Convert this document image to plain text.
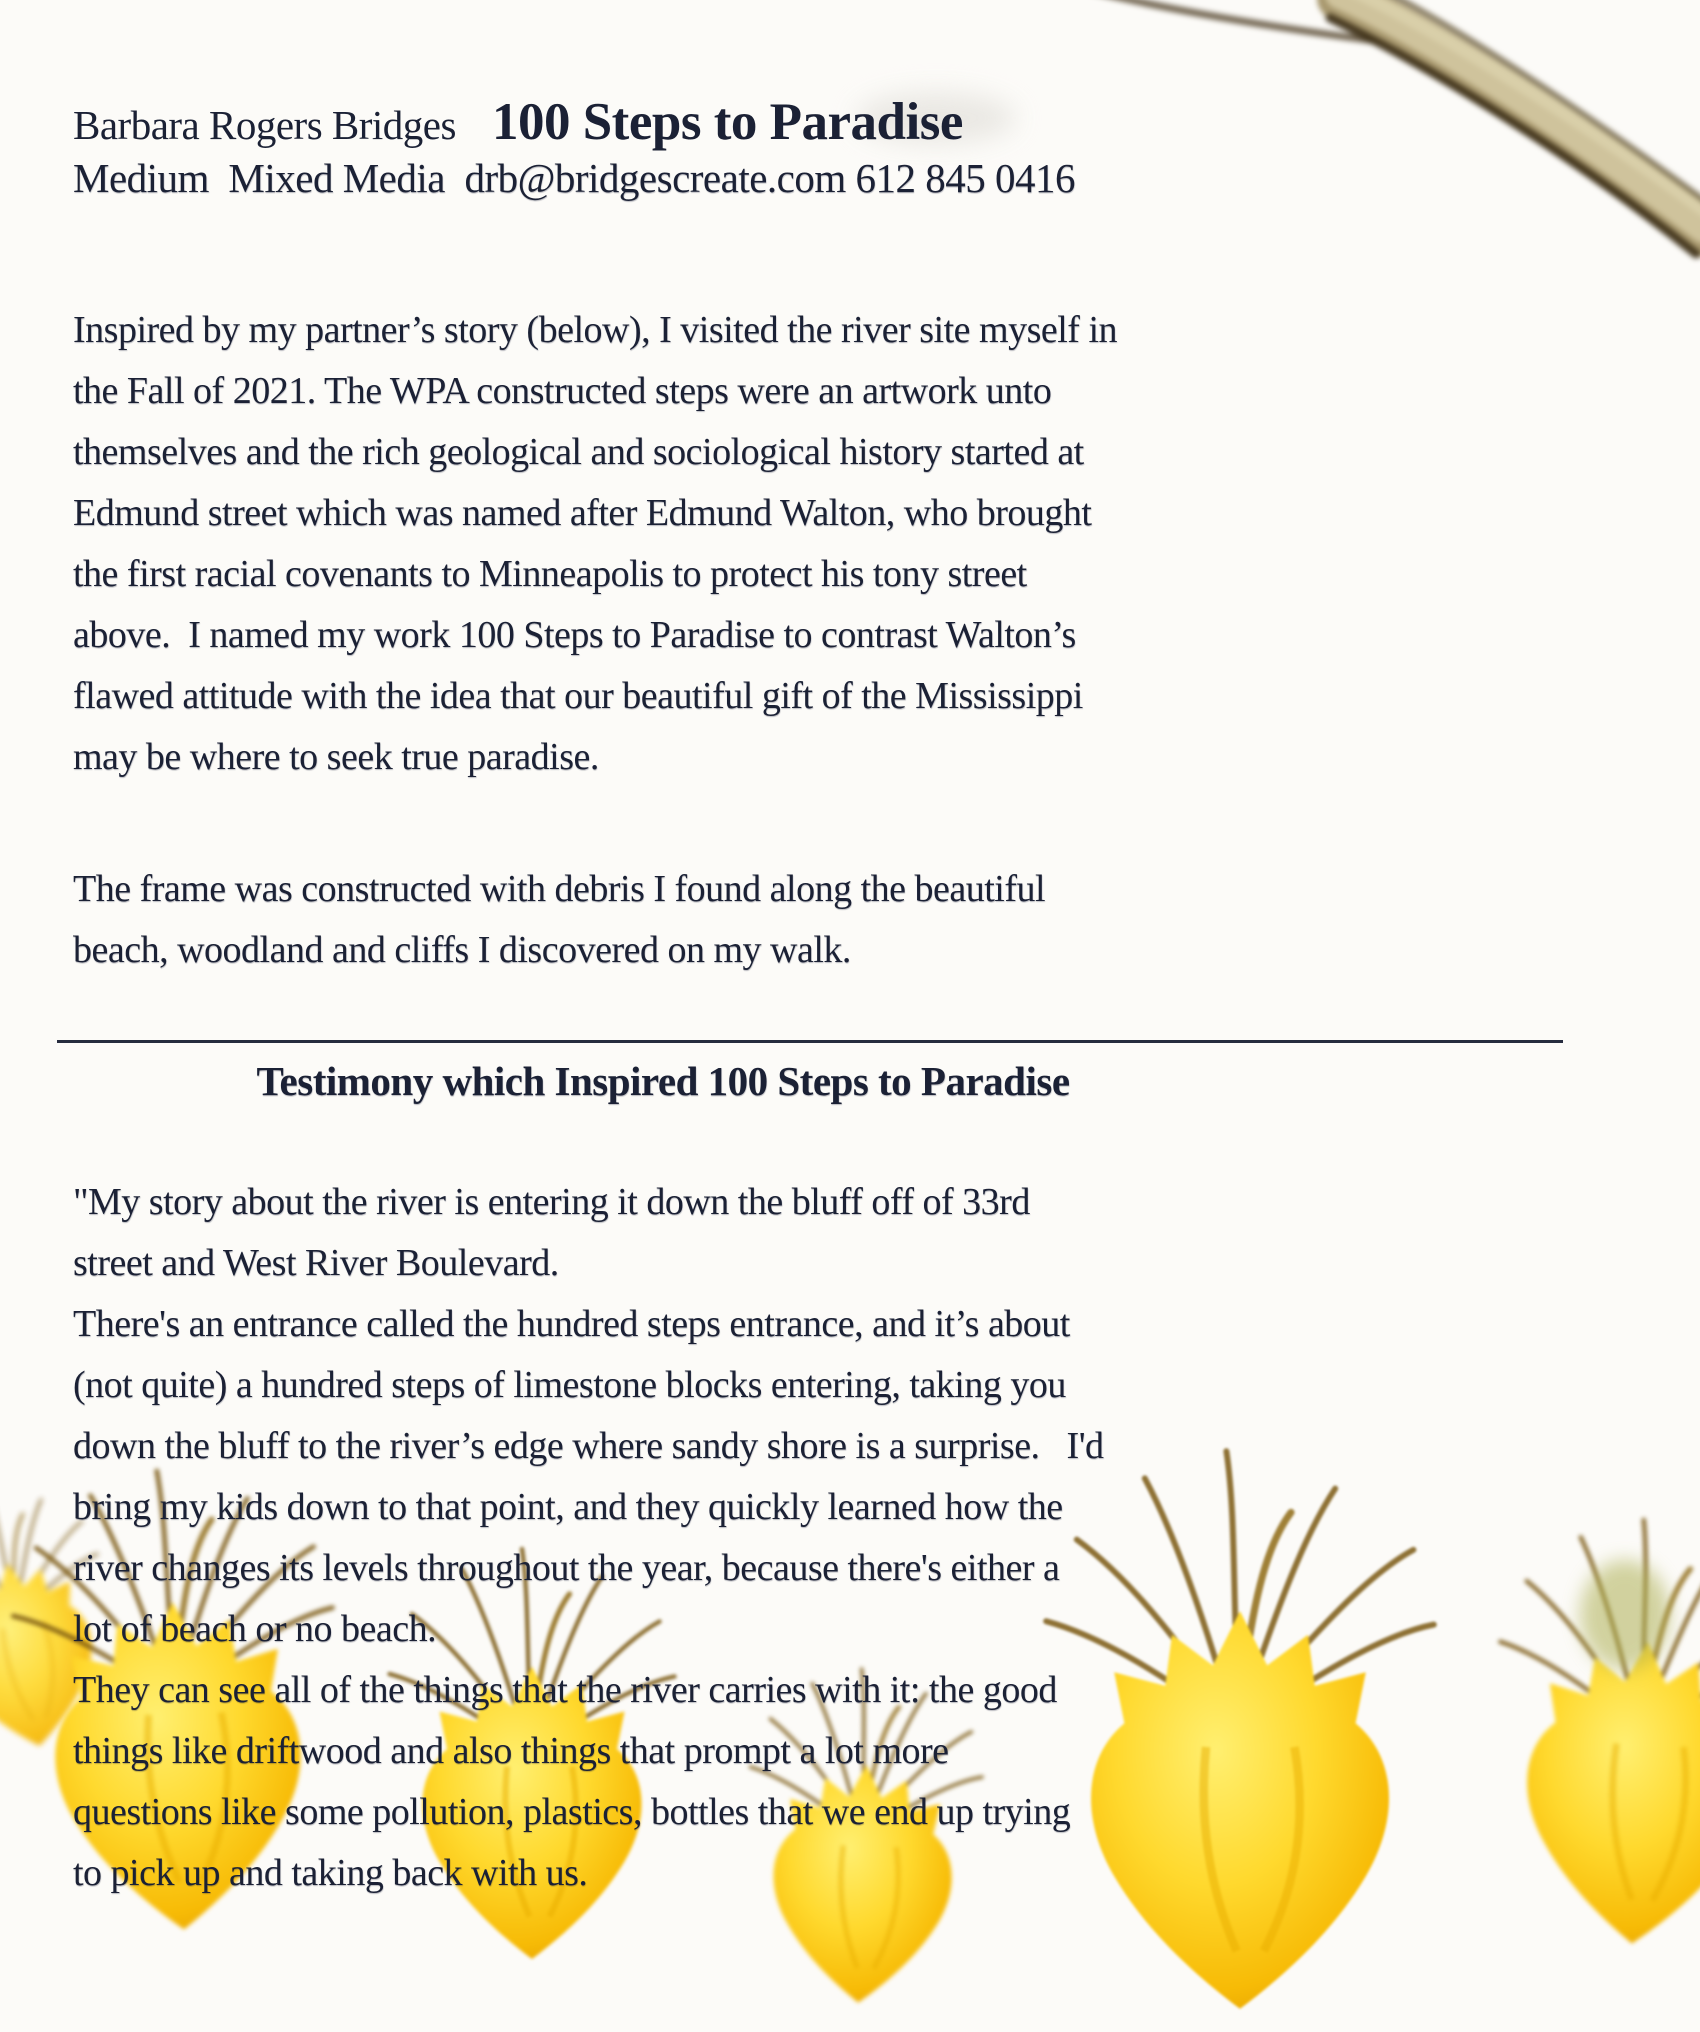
Barbara Rogers Bridges 100 Steps to Paradise
Medium  Mixed Media  drb@bridgescreate.com 612 845 0416
Inspired by my partner’s story (below), I visited the river site myself in
the Fall of 2021. The WPA constructed steps were an artwork unto
themselves and the rich geological and sociological history started at
Edmund street which was named after Edmund Walton, who brought
the first racial covenants to Minneapolis to protect his tony street
above.  I named my work 100 Steps to Paradise to contrast Walton’s
flawed attitude with the idea that our beautiful gift of the Mississippi
may be where to seek true paradise.
The frame was constructed with debris I found along the beautiful
beach, woodland and cliffs I discovered on my walk.
Testimony which Inspired 100 Steps to Paradise
"My story about the river is entering it down the bluff off of 33rd
street and West River Boulevard.
There's an entrance called the hundred steps entrance, and it’s about
(not quite) a hundred steps of limestone blocks entering, taking you
down the bluff to the river’s edge where sandy shore is a surprise.   I'd
bring my kids down to that point, and they quickly learned how the
river changes its levels throughout the year, because there's either a
lot of beach or no beach.
They can see all of the things that the river carries with it: the good
things like driftwood and also things that prompt a lot more
questions like some pollution, plastics, bottles that we end up trying
to pick up and taking back with us.
